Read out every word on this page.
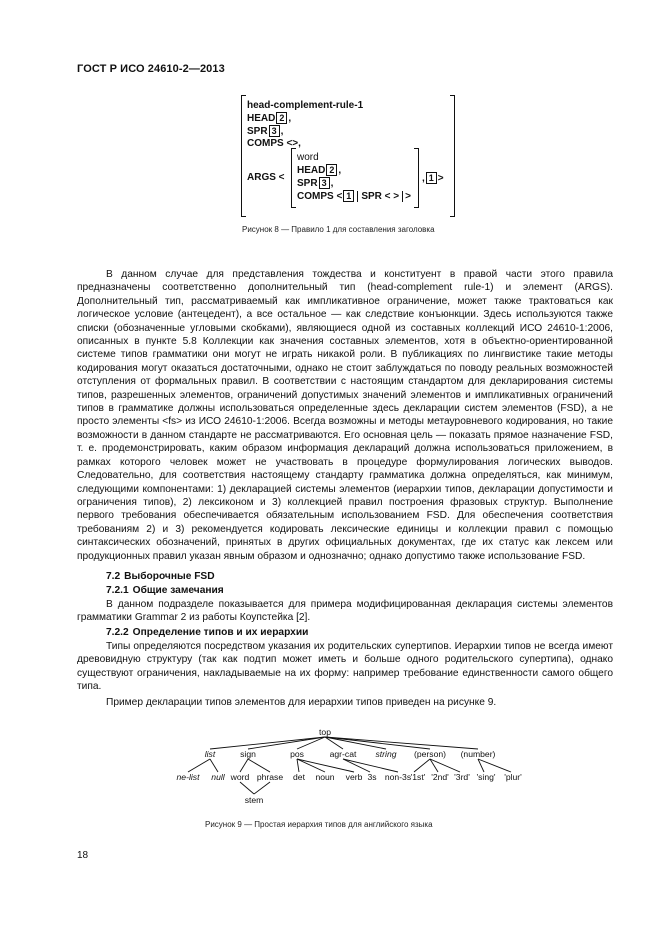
ГОСТ Р ИСО 24610-2—2013
head-complement-rule-1
HEAD 2 ,
SPR 3 ,
COMPS <>,
ARGS <
word
HEAD 2 ,
SPR 3 ,
COMPS < 1 SPR < > >
, 1 >
Рисунок 8 — Правило 1 для составления заголовка

В данном случае для представления тождества и конституент в правой части этого правила предназначены соответственно дополнительный тип (head-complement rule-1) и элемент (ARGS). Дополнительный тип, рассматриваемый как импликативное ограничение, может также трактоваться как логическое условие (антецедент), а все остальное — как следствие конъюнкции. Здесь используются также списки (обозначенные угловыми скобками), являющиеся одной из составных коллекций ИСО 24610-1:2006, описанных в пункте 5.8 Коллекции как значения составных элементов, хотя в объектно-ориентированной системе типов грамматики они могут не играть никакой роли. В публикациях по лингвистике такие методы кодирования могут оказаться достаточными, однако не стоит заблуждаться по поводу реальных возможностей отступления от формальных правил. В соответствии с настоящим стандартом для декларирования системы типов, разрешенных элементов, ограничений допустимых значений элементов и импликативных ограничений типов в грамматике должны использоваться определенные здесь декларации систем элементов (FSD), а не просто элементы <fs> из ИСО 24610-1:2006. Всегда возможны и методы метауровневого кодирования, но такие возможности в данном стандарте не рассматриваются. Его основная цель — показать прямое назначение FSD, т. е. продемонстрировать, каким образом информация деклараций должна использоваться приложением, в рамках которого человек может не участвовать в процедуре формулирования логических выводов. Следовательно, для соответствия настоящему стандарту грамматика должна определяться, как минимум, следующими компонентами: 1) декларацией системы элементов (иерархии типов, декларации допустимости и ограничения типов), 2) лексиконом и 3) коллекцией правил построения фразовых структур. Выполнение первого требования обеспечивается обязательным использованием FSD. Для обеспечения соответствия требованиям 2) и 3) рекомендуется кодировать лексические единицы и коллекции правил с помощью синтаксических обозначений, принятых в других официальных документах, где их статус как лексем или продукционных правил указан явным образом и однозначно; однако допустимо также использование FSD.

7.2 Выборочные FSD
7.2.1 Общие замечания

В данном подразделе показывается для примера модифицированная декларация системы элементов грамматики Grammar 2 из работы Коупстейка [2].

7.2.2 Определение типов и их иерархии

Типы определяются посредством указания их родительских супертипов. Иерархии типов не всегда имеют древовидную структуру (так как подтип может иметь и больше одного родительского супертипа), однако существуют ограничения, накладываемые на их форму: например требование единственности самого общего типа.

Пример декларации типов элементов для иерархии типов приведен на рисунке 9.

top
list	sign	pos	agr-cat string (person) (number)
ne-list null word phrase det noun verb 3s non-3s '1st' '2nd' '3rd' 'sing' 'plur'
stem
Рисунок 9 — Простая иерархия типов для английского языка
18
